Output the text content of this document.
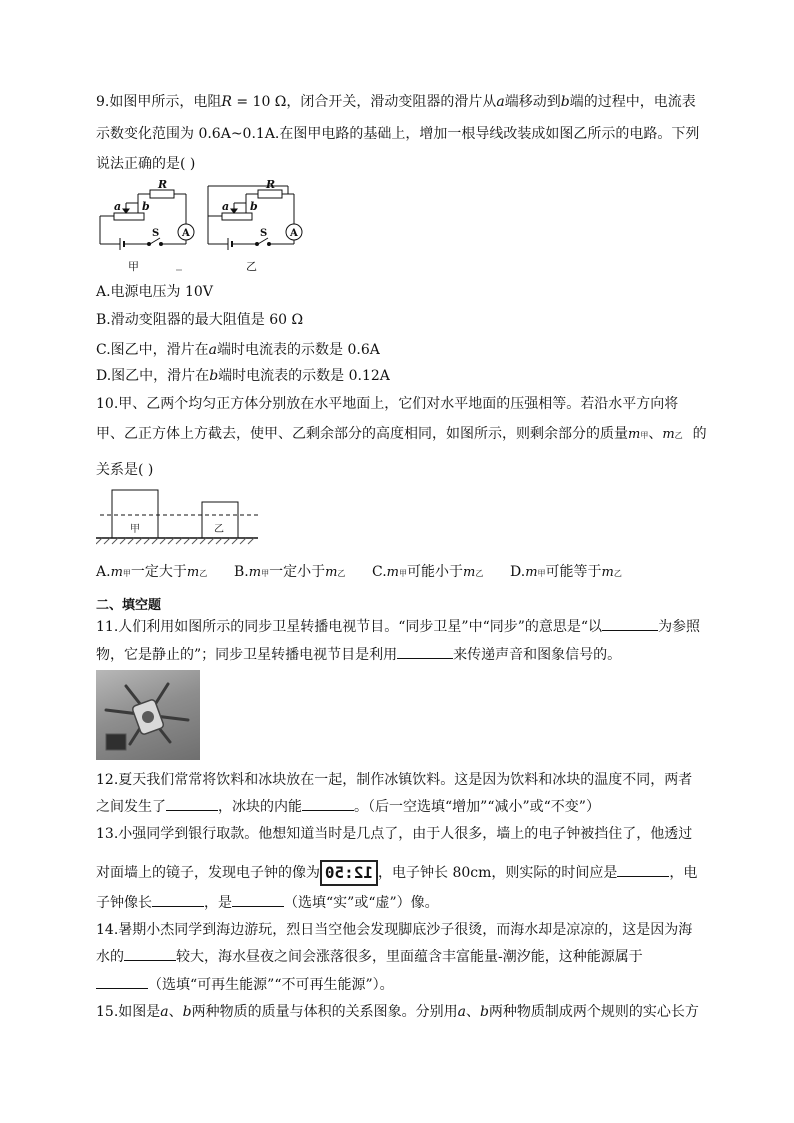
9.如图甲所示，电阻R = 10 Ω，闭合开关，滑动变阻器的滑片从a端移动到b端的过程中，电流表
示数变化范围为 0.6A~0.1A.在图甲电路的基础上，增加一根导线改装成如图乙所示的电路。下列
说法正确的是( )
R
a b
S A
甲
R
a b
S A
乙
A.电源电压为 10V
B.滑动变阻器的最大阻值是 60 Ω
C.图乙中，滑片在a端时电流表的示数是 0.6A
D.图乙中，滑片在b端时电流表的示数是 0.12A
10.甲、乙两个均匀正方体分别放在水平地面上，它们对水平地面的压强相等。若沿水平方向将
甲、乙正方体上方截去，使甲、乙剩余部分的高度相同，如图所示，则剩余部分的质量m甲、m乙 的
关系是( )
甲	乙
A.m甲一定大于m乙 B.m甲一定小于m乙 C.m甲可能小于m乙 D.m甲可能等于m乙
二、填空题
11.人们利用如图所示的同步卫星转播电视节目。“同步卫星”中“同步”的意思是“以	为参照
物，它是静止的”；同步卫星转播电视节目是利用	来传递声音和图象信号的。
12.夏天我们常常将饮料和冰块放在一起，制作冰镇饮料。这是因为饮料和冰块的温度不同，两者
之间发生了	，冰块的内能	。（后一空选填“增加”“减小”或“不变”）
13.小强同学到银行取款。他想知道当时是几点了，由于人很多，墙上的电子钟被挡住了，他透过
对面墙上的镜子，发现电子钟的像为 12:50 ，电子钟长 80cm，则实际的时间应是	，电
子钟像长	，是	（选填“实”或“虚”）像。
14.暑期小杰同学到海边游玩，烈日当空他会发现脚底沙子很烫，而海水却是凉凉的，这是因为海
水的	较大，海水昼夜之间会涨落很多，里面蕴含丰富能量-潮汐能，这种能源属于
（选填“可再生能源”“不可再生能源”）。
15.如图是a、b两种物质的质量与体积的关系图象。分别用a、b两种物质制成两个规则的实心长方
